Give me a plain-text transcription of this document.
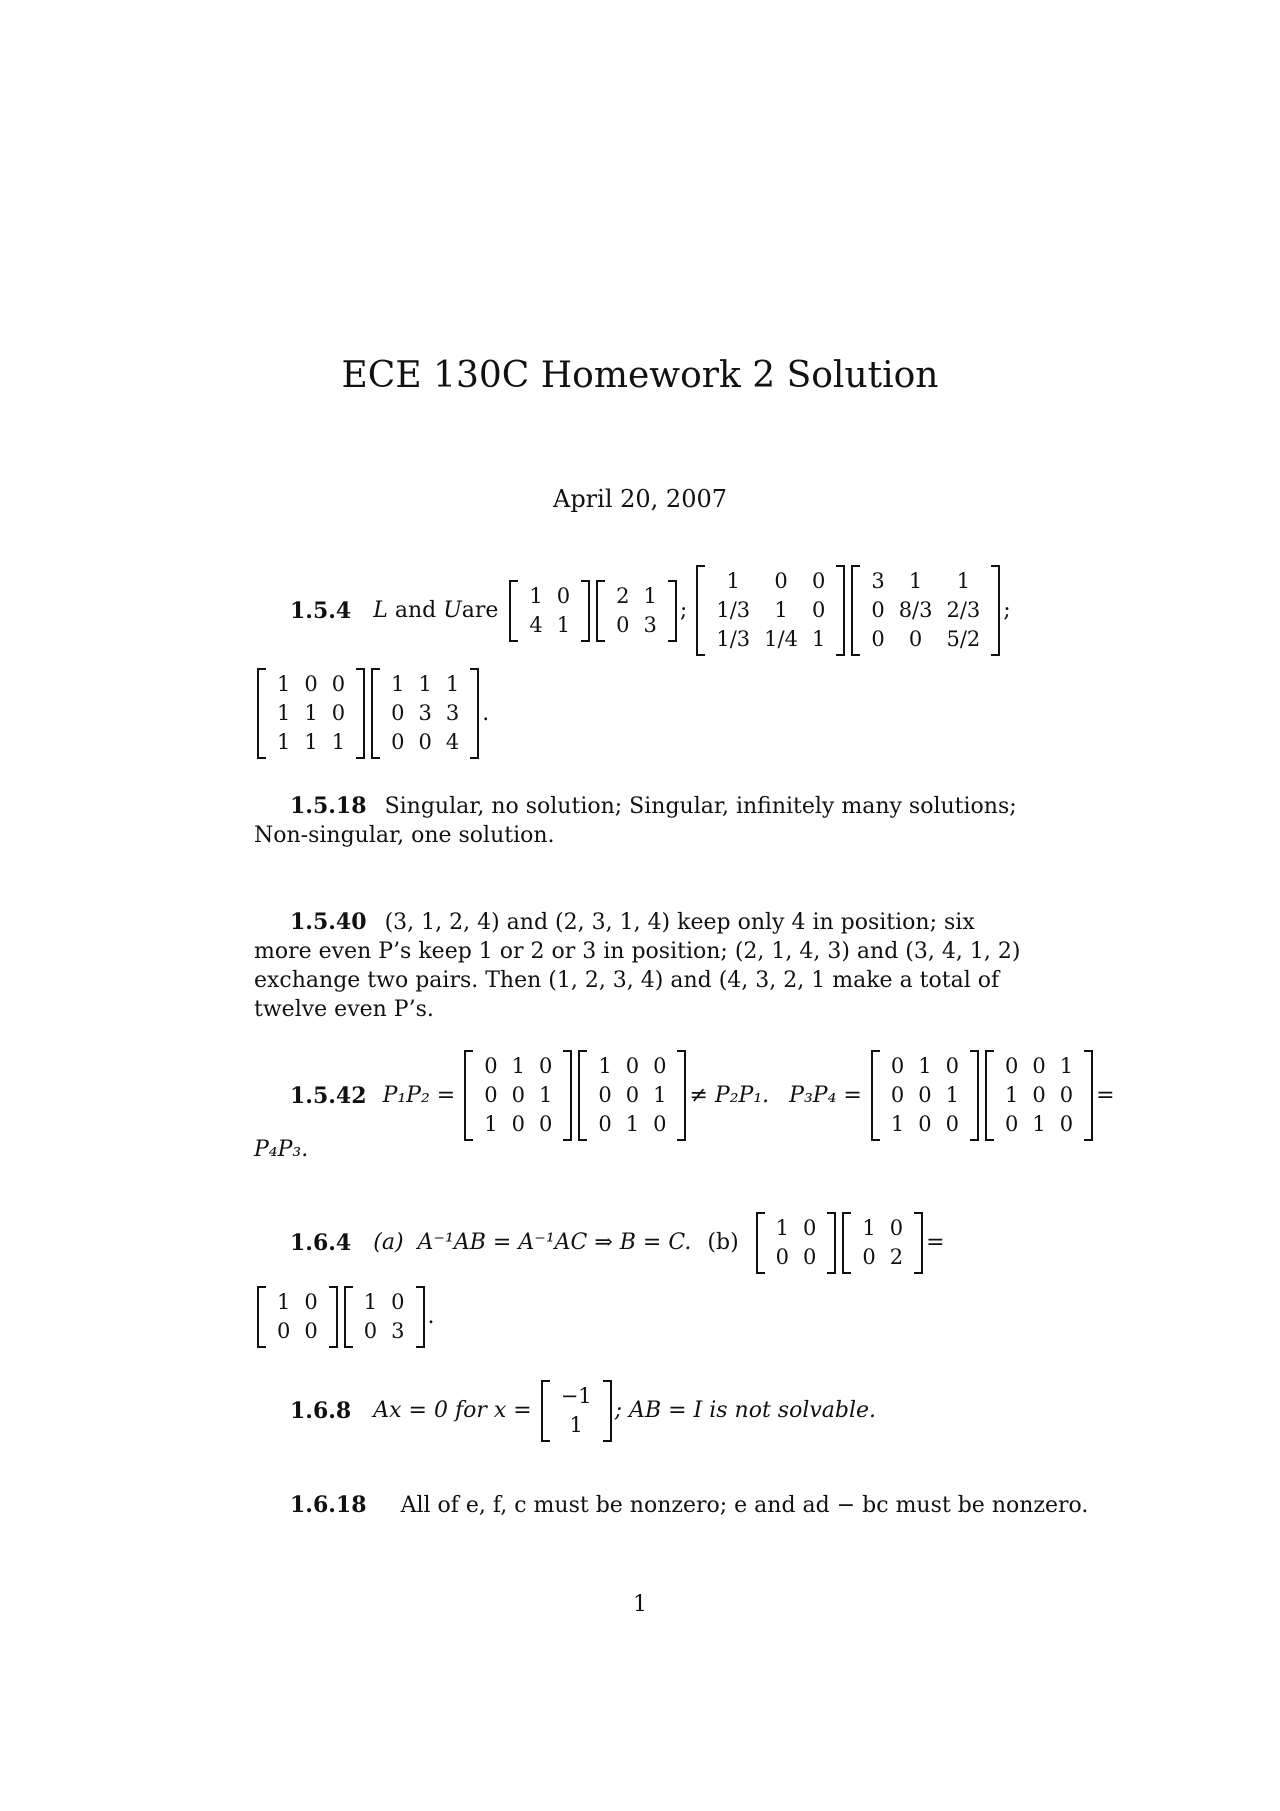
ECE 130C Homework 2 Solution
April 20, 2007
1.5.4 L and U are
1 0
4 1
2 1
0 3
;
1	0	0
1/3	1	0
1/3 1/4 1
3	1	1
0 8/3 2/3
0	0	5/2
;
1 0 0
1 1 0
1 1 1
1 1 1
0 3 3
0 0 4
.
1.5.18 Singular, no solution; Singular, infinitely many solutions; Non-singular, one solution.
1.5.40 (3, 1, 2, 4) and (2, 3, 1, 4) keep only 4 in position; six more even P’s keep 1 or 2 or 3 in position; (2, 1, 4, 3) and (3, 4, 1, 2) exchange two pairs. Then (1, 2, 3, 4) and (4, 3, 2, 1 make a total of twelve even P’s.
1.5.42 P₁P₂ =
0 1 0
0 0 1
1 0 0
1 0 0
0 0 1
0 1 0
≠ P₂P₁. P₃P₄ =
0 1 0
0 0 1
1 0 0
0 0 1
1 0 0
0 1 0
=
P₄P₃.
1.6.4 (a)  A⁻¹AB = A⁻¹AC ⇒ B = C. (b)
1 0
0 0
1 0
0 2
=
1 0
0 0
1 0
0 3
.
1.6.8 Ax = 0 for x =
−1
1
; AB = I is not solvable.
1.6.18 All of e, f, c must be nonzero; e and ad − bc must be nonzero.
1
